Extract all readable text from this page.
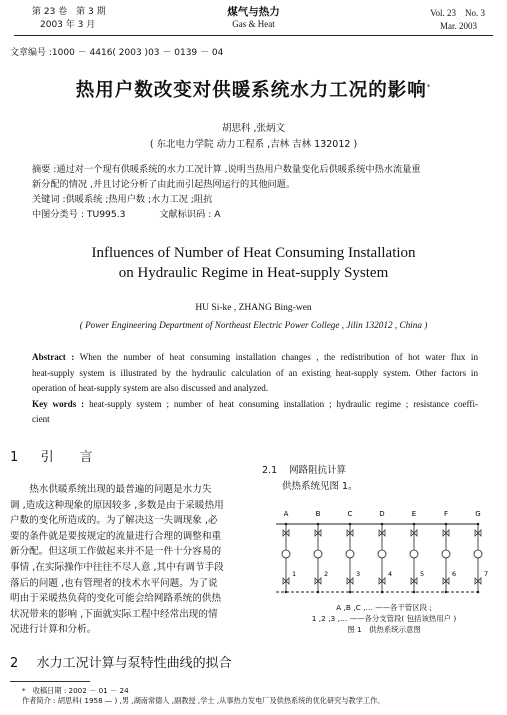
第 23 卷　第 3 期
2003 年 3 月
煤气与热力
Gas & Heat
Vol. 23　No. 3
Mar. 2003
文章编号 :1000 － 4416( 2003 )03 － 0139 － 04
热用户数改变对供暖系统水力工况的影响*
胡思科 ,张炳文
( 东北电力学院 动力工程系 ,吉林 吉林 132012 )
摘要 :通过对一个现有供暖系统的水力工况计算 ,说明当热用户数量变化后供暖系统中热水流量重
新分配的情况 ,并且讨论分析了由此而引起热网运行的其他问题。
关键词 :供暖系统 ;热用户数 ;水力工况 ;阻抗
中图分类号 : TU995.3	文献标识码 : A
Influences of Number of Heat Consuming Installation
on Hydraulic Regime in Heat-supply System
HU Si-ke , ZHANG Bing-wen
( Power Engineering Department of Northeast Electric Power College , Jilin 132012 , China )
Abstract : When the number of heat consuming installation changes , the redistribution of hot water flux in
heat-supply system is illustrated by the hydraulic calculation of an existing heat-supply system. Other factors in
operation of heat-supply system are also discussed and analyzed.
Key words : heat-supply system ; number of heat consuming installation ; hydraulic regime ; resistance coeffi-
cient
1 引　　言
热水供暖系统出现的最普遍的问题是水力失
调 ,造成这种现象的原因较多 ,多数是由于采暖热用
户数的变化所造成的。为了解决这一失调现象 ,必
要的条件就是要按规定的流量进行合理的调整和重
新分配。但这项工作做起来并不是一件十分容易的
事情 ,在实际操作中往往不尽人意 ,其中有调节手段
落后的问题 ,也有管理者的技术水平问题。为了说
明由于采暖热负荷的变化可能会给网路系统的供热
状况带来的影响 ,下面就实际工程中经常出现的情
况进行计算和分析。
2 水力工况计算与泵特性曲线的拟合
2.1 网路阻抗计算
供热系统见图 1。
A	B	C	D	E	F	G
1	2	3	4	5	6	7
A ,B ,C ,… ——各干管区段 ;
1 ,2 ,3 ,… ——各分支管段( 包括该热用户 )
图 1　供热系统示意图
*　 收稿日期 : 2002 － 01 － 24
作者简介 : 胡思科( 1958 — ) ,男 ,湖南常德人 ,副教授 ,学士 ,从事热力发电厂及供热系统的优化研究与教学工作。
